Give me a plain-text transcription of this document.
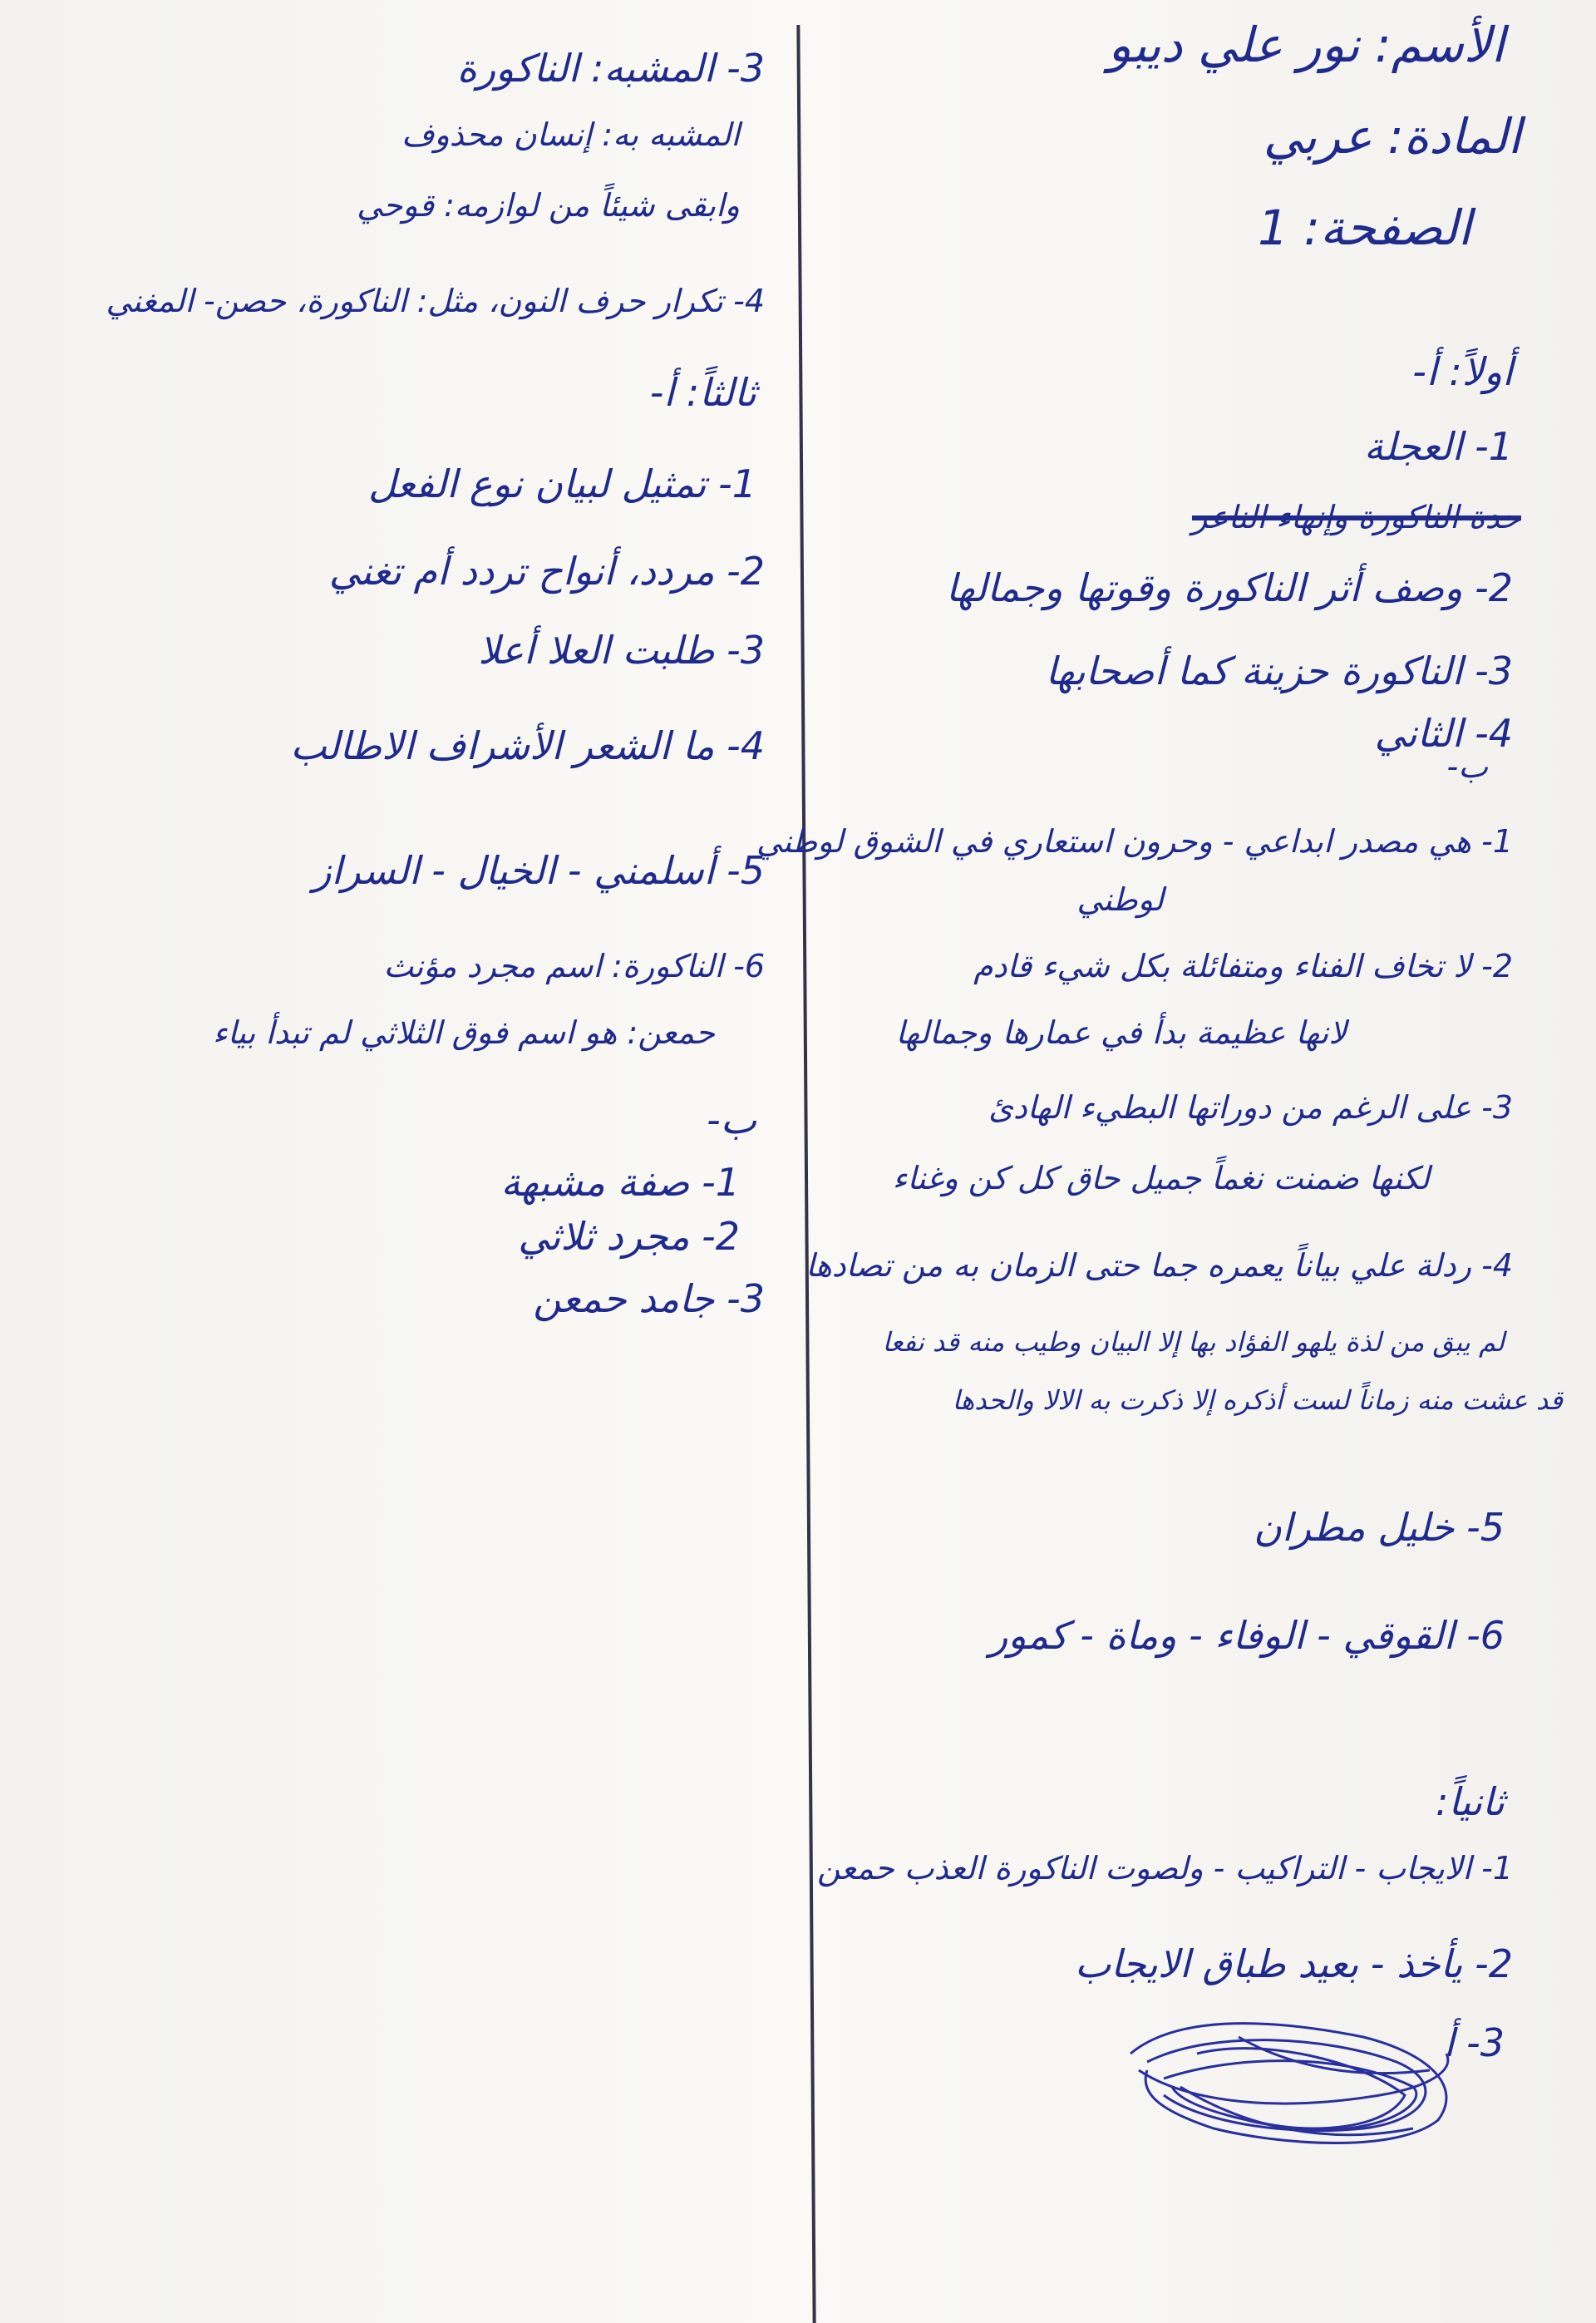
الأسم: نور علي ديبو
المادة: عربي
الصفحة: 1
أولاً: أ-
1- العجلة
حدة الناكورة وإنهاء الناعر
2- وصف أثر الناكورة وقوتها وجمالها
3- الناكورة حزينة كما أصحابها
4- الثاني
ب-
1- هي مصدر ابداعي - وحرون استعاري في الشوق لوطني
لوطني
2- لا تخاف الفناء ومتفائلة بكل شيء قادم
لانها عظيمة بدأ في عمارها وجمالها
3- على الرغم من دوراتها البطيء الهادئ
لكنها ضمنت نغماً جميل حاق كل كن وغناء
4- ردلة علي بياناً يعمره جما حتى الزمان به من تصادها
لم يبق من لذة يلهو الفؤاد بها إلا البيان وطيب منه قد نفعا
قد عشت منه زماناً لست أذكره إلا ذكرت به الالا والحدها
5- خليل مطران
6- القوقي - الوفاء - وماة - كمور
ثانياً:
1- الايجاب - التراكيب - ولصوت الناكورة العذب حمعن
2- يأخذ - بعيد طباق الايجاب
3- أ
3- المشبه: الناكورة
المشبه به: إنسان محذوف
وابقى شيئاً من لوازمه: قوحي
4- تكرار حرف النون، مثل: الناكورة، حصن- المغني
ثالثاً: أ-
1- تمثيل لبيان نوع الفعل
2- مردد، أنواح تردد أم تغني
3- طلبت العلا أعلا
4- ما الشعر الأشراف الاطالب
5- أسلمني - الخيال - السراز
6- الناكورة: اسم مجرد مؤنث
حمعن: هو اسم فوق الثلاثي لم تبدأ بياء
ب-
1- صفة مشبهة
2- مجرد ثلاثي
3- جامد حمعن
